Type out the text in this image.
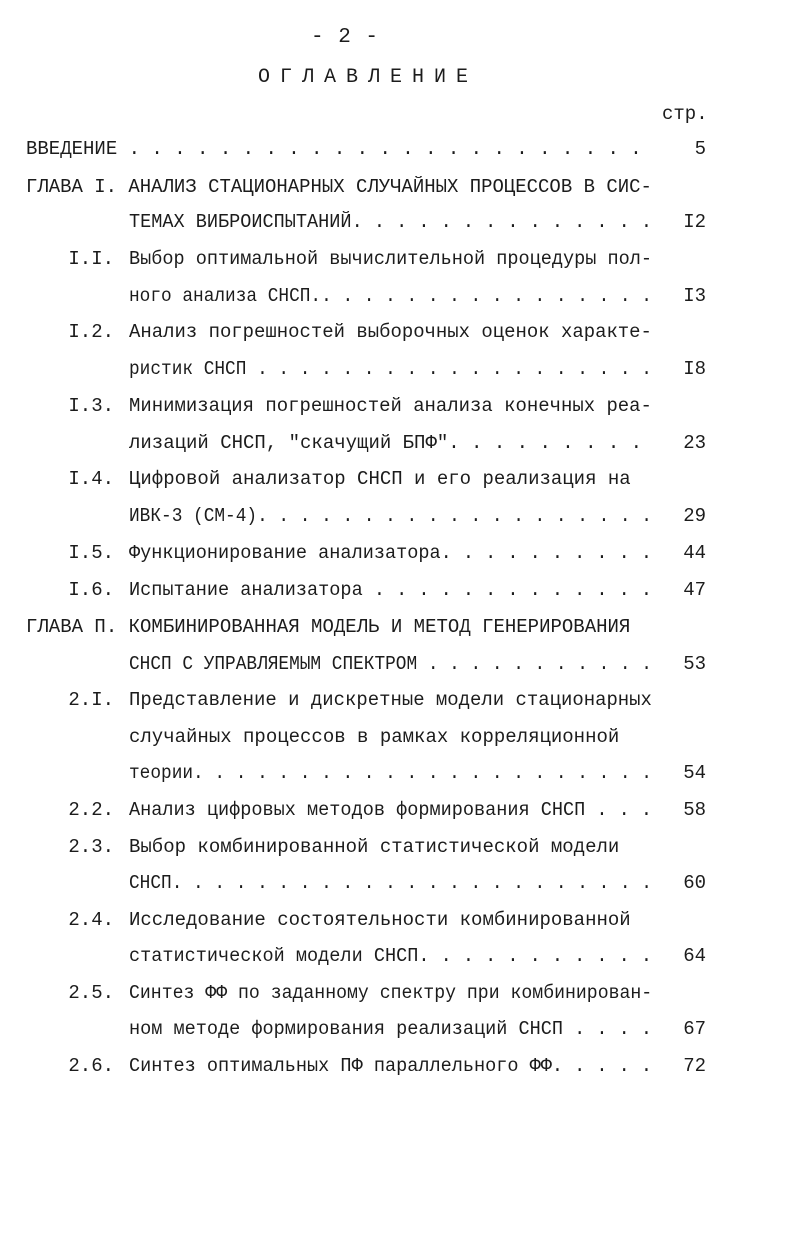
- 2 -
ОГЛАВЛЕНИЕ
стр.
ВВЕДЕНИЕ . . . . . . . . . . . . . . . . . . . . . . .	5
ГЛАВА I. АНАЛИЗ СТАЦИОНАРНЫХ СЛУЧАЙНЫХ ПРОЦЕССОВ В СИС-
ТЕМАХ ВИБРОИСПЫТАНИЙ. . . . . . . . . . . . . .	I2
I.I. Выбор оптимальной вычислительной процедуры пол-
ного анализа СНСП.. . . . . . . . . . . . . . . .	I3
I.2. Анализ погрешностей выборочных оценок характе-
ристик СНСП . . . . . . . . . . . . . . . . . . .	I8
I.3. Минимизация погрешностей анализа конечных реа-
лизаций СНСП, "скачущий БПФ". . . . . . . . .	23
I.4. Цифровой анализатор СНСП и его реализация на
ИВК-3 (СМ-4). . . . . . . . . . . . . . . . . . .	29
I.5. Функционирование анализатора. . . . . . . . . .	44
I.6. Испытание анализатора . . . . . . . . . . . . .	47
ГЛАВА П. КОМБИНИРОВАННАЯ МОДЕЛЬ И МЕТОД ГЕНЕРИРОВАНИЯ
СНСП С УПРАВЛЯЕМЫМ СПЕКТРОМ . . . . . . . . . . .	53
2.I. Представление и дискретные модели стационарных
случайных процессов в рамках корреляционной
теории. . . . . . . . . . . . . . . . . . . . . .	54
2.2. Анализ цифровых методов формирования СНСП . . .	58
2.3. Выбор комбинированной статистической модели
СНСП. . . . . . . . . . . . . . . . . . . . . . .	60
2.4. Исследование состоятельности комбинированной
статистической модели СНСП. . . . . . . . . . .	64
2.5. Синтез ФФ по заданному спектру при комбинирован-
ном методе формирования реализаций СНСП . . . .	67
2.6. Синтез оптимальных ПФ параллельного ФФ. . . . .	72
